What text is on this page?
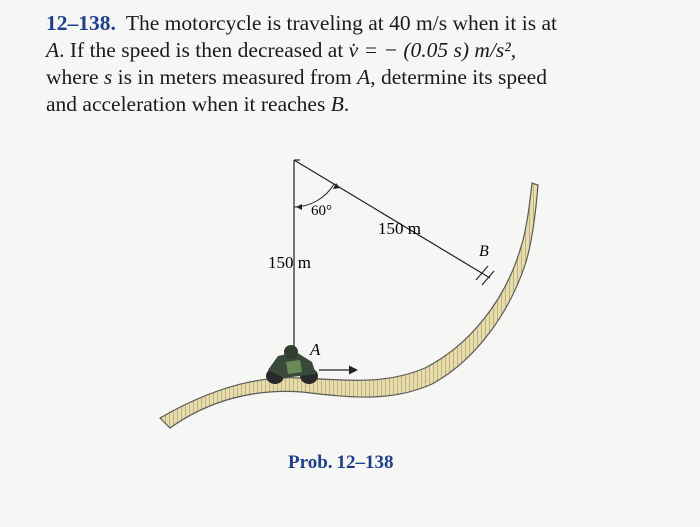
12–138. The motorcycle is traveling at 40 m/s when it is at
A. If the speed is then decreased at v̇ = − (0.05 s) m/s²,
where s is in meters measured from A, determine its speed
and acceleration when it reaches B.
60°
150 m
150 m
A
B
Prob. 12–138
